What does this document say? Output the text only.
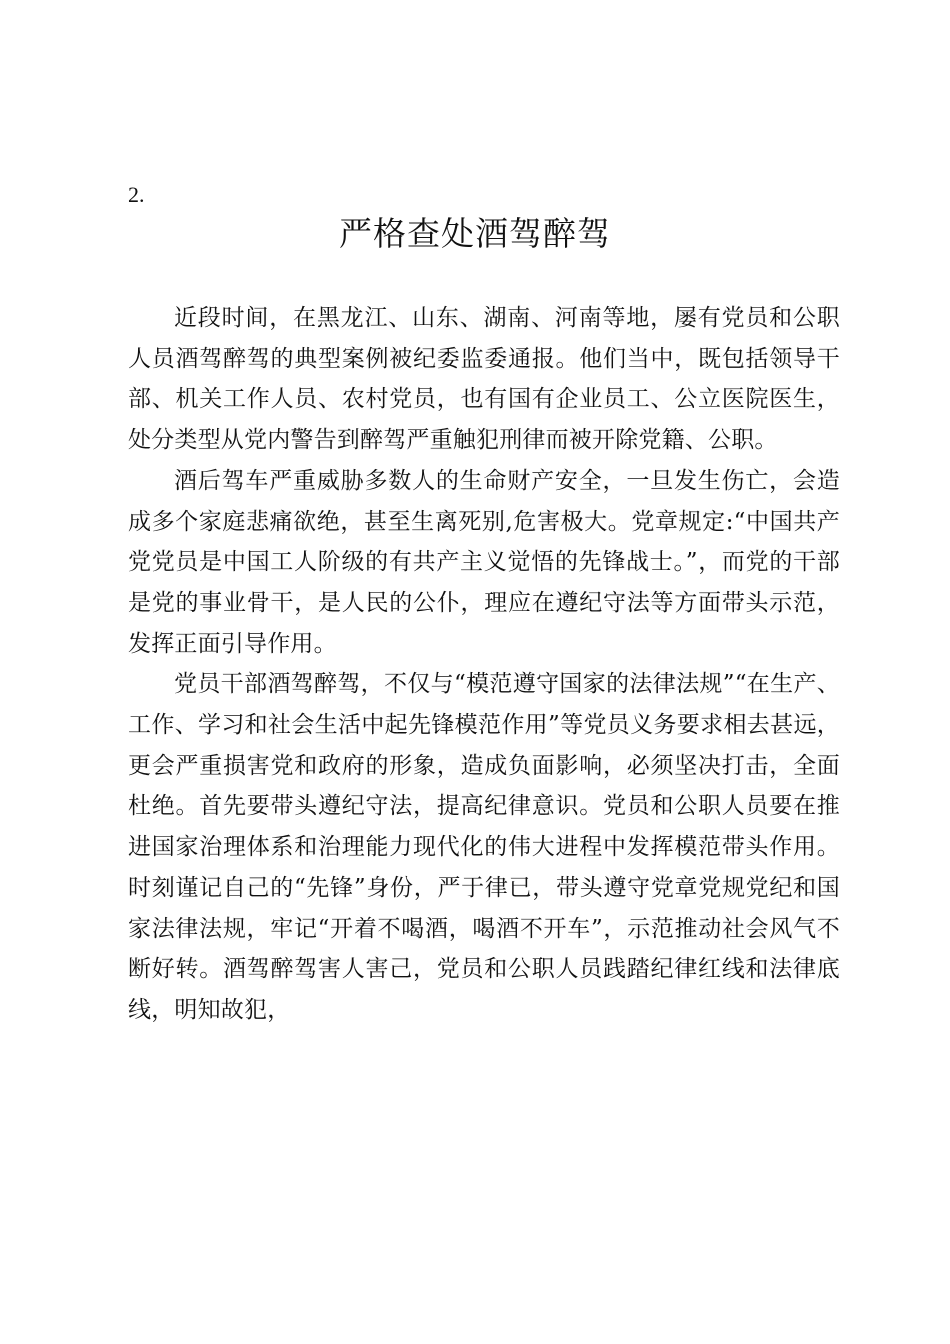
2.
严格查处酒驾醉驾

近段时间，在黑龙江、山东、湖南、河南等地，屡有党员和公职人员酒驾醉驾的典型案例被纪委监委通报。他们当中，既包括领导干部、机关工作人员、农村党员，也有国有企业员工、公立医院医生，处分类型从党内警告到醉驾严重触犯刑律而被开除党籍、公职。

酒后驾车严重威胁多数人的生命财产安全，一旦发生伤亡，会造成多个家庭悲痛欲绝，甚至生离死别,危害极大。党章规定:“中国共产党党员是中国工人阶级的有共产主义觉悟的先锋战士。”，而党的干部是党的事业骨干，是人民的公仆，理应在遵纪守法等方面带头示范，发挥正面引导作用。

党员干部酒驾醉驾，不仅与“模范遵守国家的法律法规”“在生产、工作、学习和社会生活中起先锋模范作用”等党员义务要求相去甚远，更会严重损害党和政府的形象，造成负面影响，必须坚决打击，全面杜绝。首先要带头遵纪守法，提高纪律意识。党员和公职人员要在推进国家治理体系和治理能力现代化的伟大进程中发挥模范带头作用。时刻谨记自己的“先锋”身份，严于律已，带头遵守党章党规党纪和国家法律法规，牢记“开着不喝酒，喝酒不开车”，示范推动社会风气不断好转。酒驾醉驾害人害己，党员和公职人员践踏纪律红线和法律底线，明知故犯，
